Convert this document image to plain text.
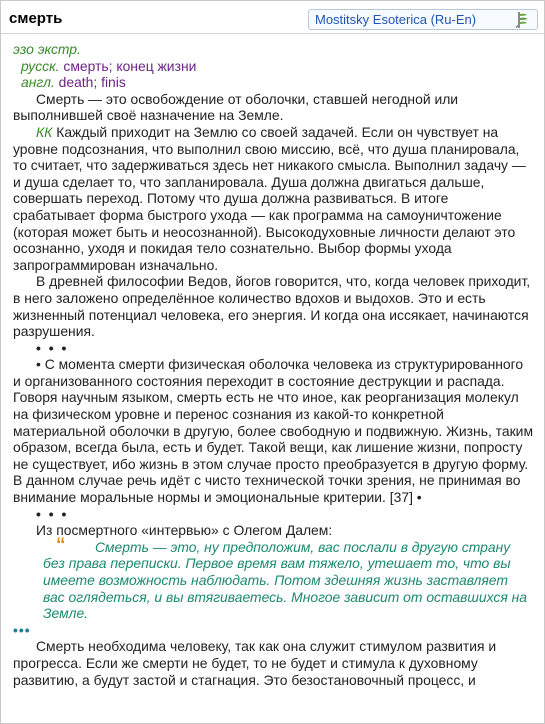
смерть	Mostitsky Esoterica (Ru-En)
эзо экстр.
русск. смерть; конец жизни
англ. death; finis

Смерть — это освобождение от оболочки, ставшей негодной или выполнившей своё назначение на Земле.

КК Каждый приходит на Землю со своей задачей. Если он чувствует на уровне подсознания, что выполнил свою миссию, всё, что душа планировала, то считает, что задерживаться здесь нет никакого смысла. Выполнил задачу — и душа сделает то, что запланировала. Душа должна двигаться дальше, совершать переход. Потому что душа должна развиваться. В итоге срабатывает форма быстрого ухода — как программа на самоуничтожение (которая может быть и неосознанной). Высокодуховные личности делают это осознанно, уходя и покидая тело сознательно. Выбор формы ухода запрограммирован изначально.

В древней философии Ведов, йогов говорится, что, когда человек приходит, в него заложено определённое количество вдохов и выдохов. Это и есть жизненный потенциал человека, его энергия. И когда она иссякает, начинаются разрушения.

• • •

• С момента смерти физическая оболочка человека из структурированного и организованного состояния переходит в состояние деструкции и распада. Говоря научным языком, смерть есть не что иное, как реорганизация молекул на физическом уровне и перенос сознания из какой-то конкретной материальной оболочки в другую, более свободную и подвижную. Жизнь, таким образом, всегда была, есть и будет. Такой вещи, как лишение жизни, попросту не существует, ибо жизнь в этом случае просто преобразуется в другую форму. В данном случае речь идёт с чисто технической точки зрения, не принимая во внимание моральные нормы и эмоциональные критерии. [37] •

• • •

Из посмертного «интервью» с Олегом Далем:

“	Смерть — это, ну предположим, вас послали в другую страну без права переписки. Первое время вам тяжело, утешает то, что вы имеете возможность наблюдать. Потом здешняя жизнь заставляет вас оглядеться, и вы втягиваетесь. Многое зависит от оставшихся на Земле.

•••

Смерть необходима человеку, так как она служит стимулом развития и прогресса. Если же смерти не будет, то не будет и стимула к духовному развитию, а будут застой и стагнация. Это безостановочный процесс, и
